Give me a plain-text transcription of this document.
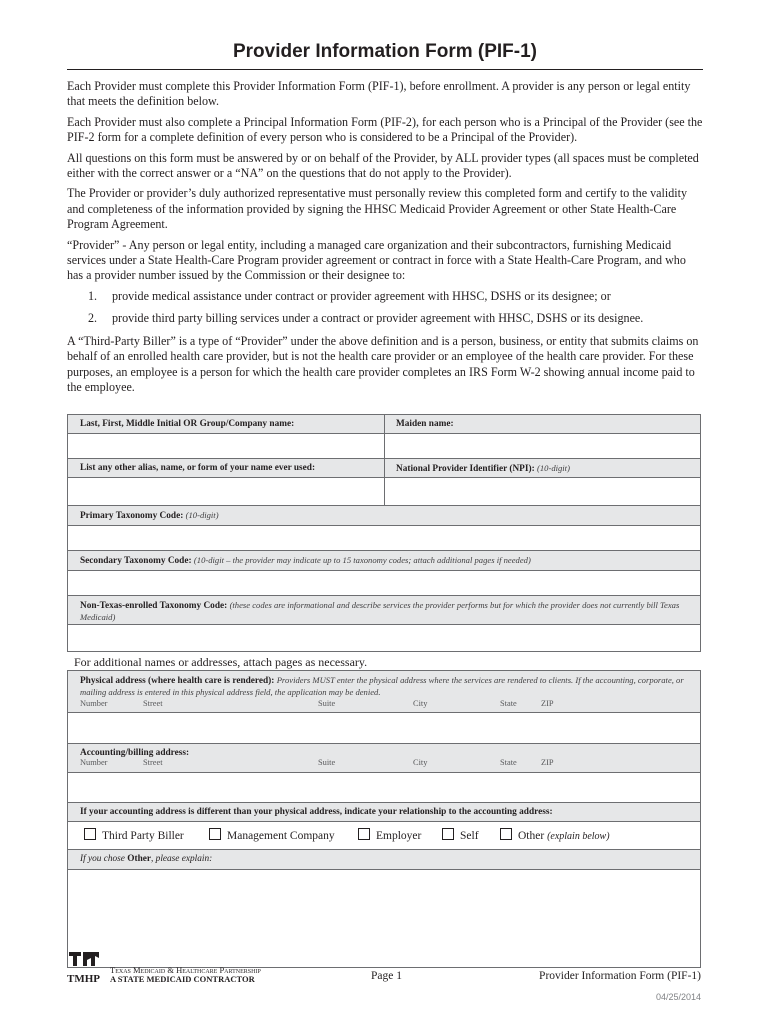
Provider Information Form (PIF-1)

Each Provider must complete this Provider Information Form (PIF-1), before enrollment. A provider is any person or legal entity that meets the definition below.

Each Provider must also complete a Principal Information Form (PIF-2), for each person who is a Principal of the Provider (see the PIF-2 form for a complete definition of every person who is considered to be a Principal of the Provider).

All questions on this form must be answered by or on behalf of the Provider, by ALL provider types (all spaces must be completed either with the correct answer or a “NA” on the questions that do not apply to the Provider).

The Provider or provider’s duly authorized representative must personally review this completed form and certify to the validity and completeness of the information provided by signing the HHSC Medicaid Provider Agreement or other State Health-Care Program Agreement.

“Provider” - Any person or legal entity, including a managed care organization and their subcontractors, furnishing Medicaid services under a State Health-Care Program provider agreement or contract in force with a State Health-Care Program, and who has a provider number issued by the Commission or their designee to:

1. provide medical assistance under contract or provider agreement with HHSC, DSHS or its designee; or
2. provide third party billing services under a contract or provider agreement with HHSC, DSHS or its designee.

A “Third-Party Biller” is a type of “Provider” under the above definition and is a person, business, or entity that submits claims on behalf of an enrolled health care provider, but is not the health care provider or an employee of the health care provider. For these purposes, an employee is a person for which the health care provider completes an IRS Form W-2 showing annual income paid to the employee.

Last, First, Middle Initial OR Group/Company name:	Maiden name:
List any other alias, name, or form of your name ever used:	National Provider Identifier (NPI): (10-digit)
Primary Taxonomy Code: (10-digit)
Secondary Taxonomy Code: (10-digit – the provider may indicate up to 15 taxonomy codes; attach additional pages if needed)
Non-Texas-enrolled Taxonomy Code: (these codes are informational and describe services the provider performs but for which the provider does not currently bill Texas Medicaid)
For additional names or addresses, attach pages as necessary.
Physical address (where health care is rendered): Providers MUST enter the physical address where the services are rendered to clients. If the accounting, corporate, or mailing address is entered in this physical address field, the application may be denied.
Number	Street	Suite	City	State	ZIP
Accounting/billing address:
Number	Street	Suite	City	State	ZIP
If your accounting address is different than your physical address, indicate your relationship to the accounting address:
Third Party Biller	Management Company	Employer	Self	Other (explain below)
If you chose Other, please explain:
TMHP
Texas Medicaid & Healthcare Partnership
A STATE MEDICAID CONTRACTOR	Page 1	Provider Information Form (PIF-1)
04/25/2014
